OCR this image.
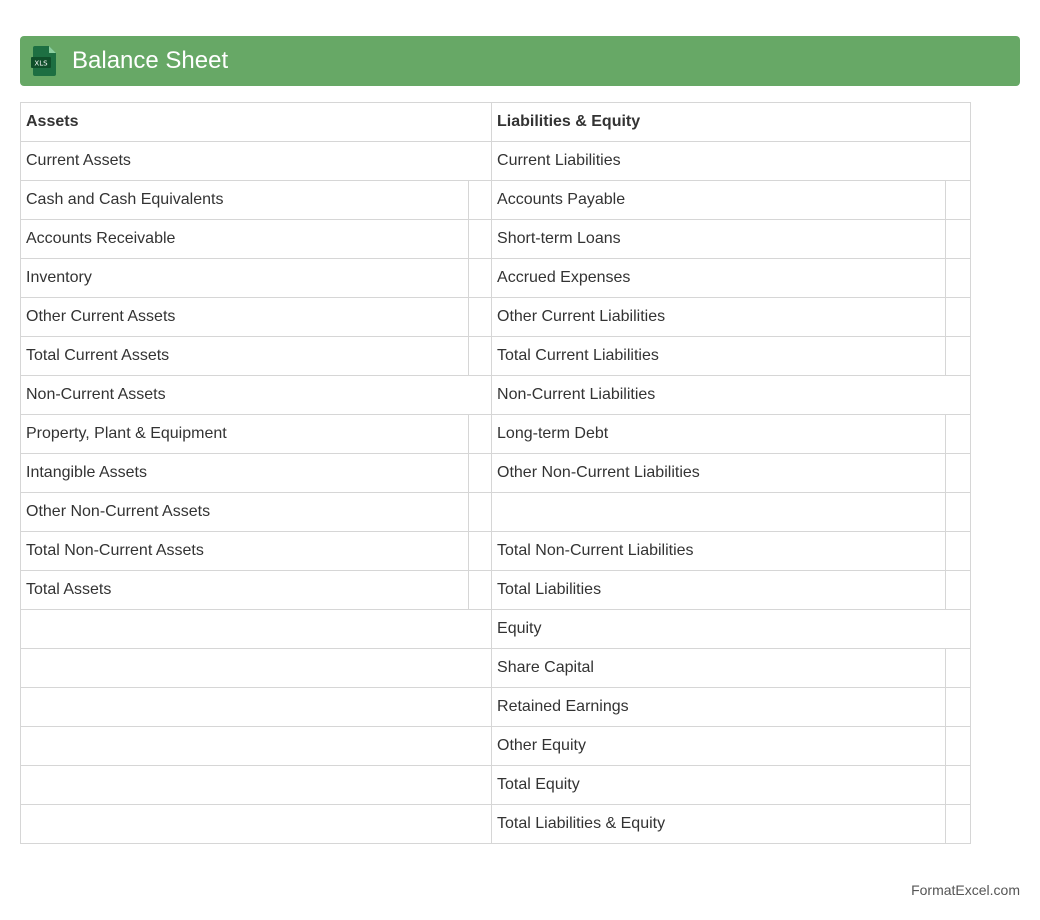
XLS Balance Sheet
Assets		Liabilities & Equity	
Current Assets		Current Liabilities	
Cash and Cash Equivalents		Accounts Payable	
Accounts Receivable		Short-term Loans	
Inventory		Accrued Expenses	
Other Current Assets		Other Current Liabilities	
Total Current Assets		Total Current Liabilities	
Non-Current Assets		Non-Current Liabilities	
Property, Plant & Equipment		Long-term Debt	
Intangible Assets		Other Non-Current Liabilities	
Other Non-Current Assets			
Total Non-Current Assets		Total Non-Current Liabilities	
Total Assets		Total Liabilities	
		Equity	
		Share Capital	
		Retained Earnings	
		Other Equity	
		Total Equity	
		Total Liabilities & Equity	
FormatExcel.com
